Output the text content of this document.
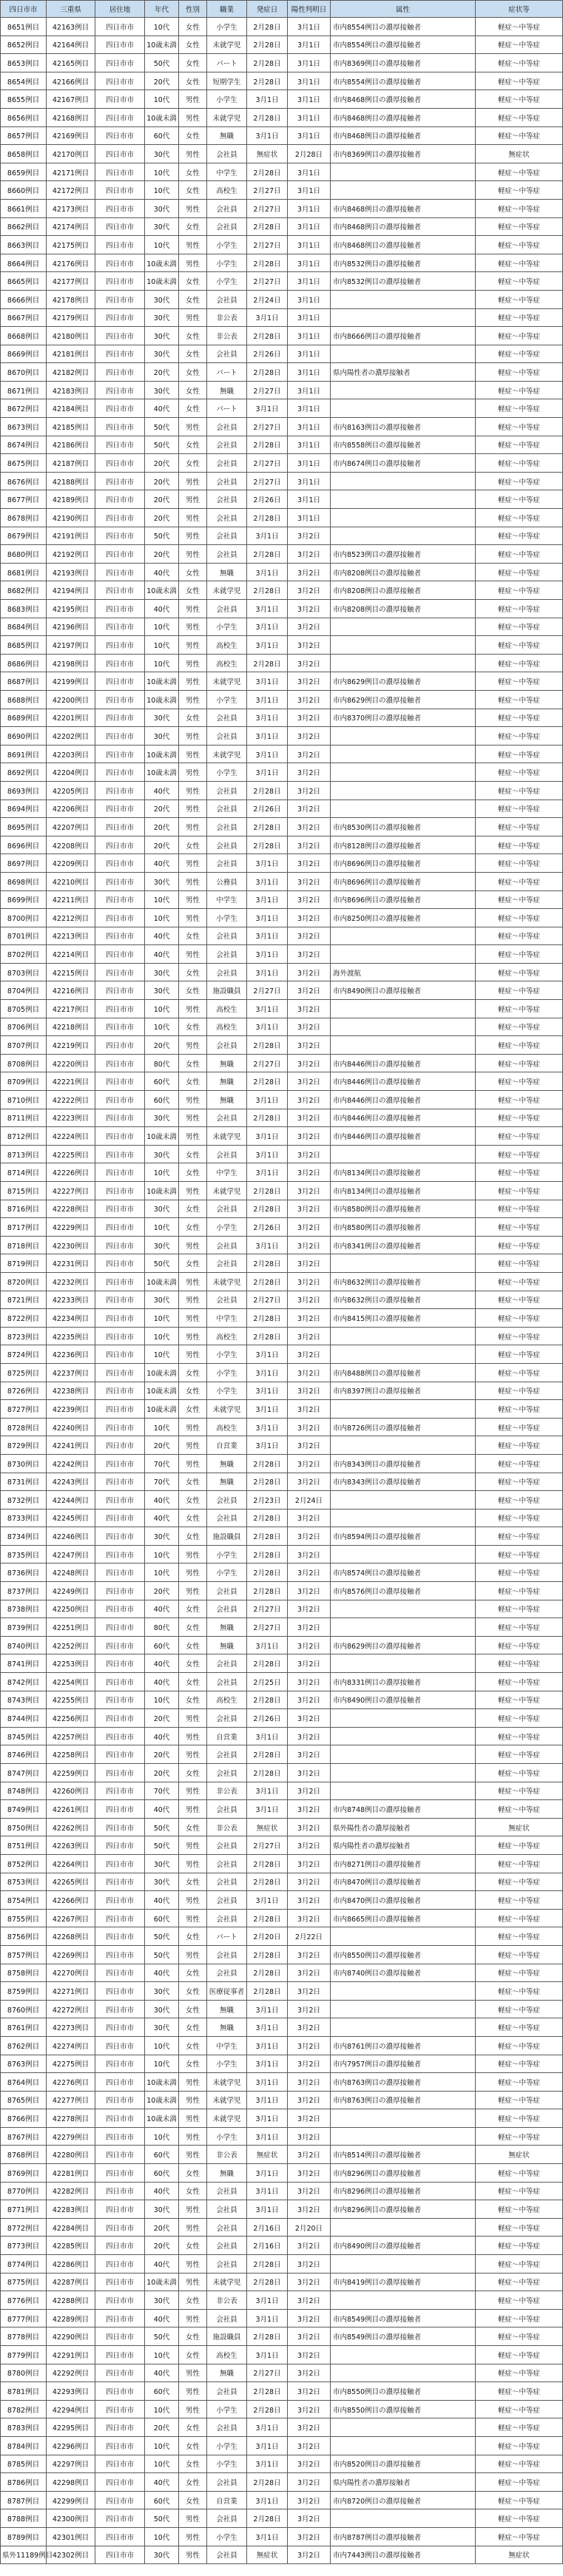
四日市市	三重県	居住地	年代	性別	職業	発症日	陽性判明日	属性	症状等
8651例目	42163例目	四日市市	10代	女性	小学生	2月28日	3月1日	市内8554例目の濃厚接触者	軽症～中等症
8652例目	42164例目	四日市市	10歳未満	女性	未就学児	2月28日	3月1日	市内8554例目の濃厚接触者	軽症～中等症
8653例目	42165例目	四日市市	50代	女性	パート	2月28日	3月1日	市内8369例目の濃厚接触者	軽症～中等症
8654例目	42166例目	四日市市	20代	女性	短期学生	2月28日	3月1日	市内8554例目の濃厚接触者	軽症～中等症
8655例目	42167例目	四日市市	10代	男性	小学生	3月1日	3月1日	市内8468例目の濃厚接触者	軽症～中等症
8656例目	42168例目	四日市市	10歳未満	男性	未就学児	2月28日	3月1日	市内8468例目の濃厚接触者	軽症～中等症
8657例目	42169例目	四日市市	60代	女性	無職	3月1日	3月1日	市内8468例目の濃厚接触者	軽症～中等症
8658例目	42170例目	四日市市	30代	男性	会社員	無症状	2月28日	市内8369例目の濃厚接触者	無症状
8659例目	42171例目	四日市市	10代	女性	中学生	2月28日	3月1日		軽症～中等症
8660例目	42172例目	四日市市	10代	女性	高校生	2月27日	3月1日		軽症～中等症
8661例目	42173例目	四日市市	30代	男性	会社員	2月27日	3月1日	市内8468例目の濃厚接触者	軽症～中等症
8662例目	42174例目	四日市市	30代	女性	会社員	2月28日	3月1日	市内8468例目の濃厚接触者	軽症～中等症
8663例目	42175例目	四日市市	10代	男性	小学生	2月27日	3月1日	市内8468例目の濃厚接触者	軽症～中等症
8664例目	42176例目	四日市市	10歳未満	男性	小学生	2月28日	3月1日	市内8532例目の濃厚接触者	軽症～中等症
8665例目	42177例目	四日市市	10歳未満	女性	小学生	2月27日	3月1日	市内8532例目の濃厚接触者	軽症～中等症
8666例目	42178例目	四日市市	30代	女性	会社員	2月24日	3月1日		軽症～中等症
8667例目	42179例目	四日市市	30代	男性	非公表	3月1日	3月1日		軽症～中等症
8668例目	42180例目	四日市市	30代	女性	非公表	2月28日	3月1日	市内8666例目の濃厚接触者	軽症～中等症
8669例目	42181例目	四日市市	30代	女性	会社員	2月26日	3月1日		軽症～中等症
8670例目	42182例目	四日市市	20代	女性	パート	2月28日	3月1日	県内陽性者の濃厚接触者	軽症～中等症
8671例目	42183例目	四日市市	30代	女性	無職	2月27日	3月1日		軽症～中等症
8672例目	42184例目	四日市市	40代	女性	パート	3月1日	3月1日		軽症～中等症
8673例目	42185例目	四日市市	50代	男性	会社員	2月27日	3月1日	市内8163例目の濃厚接触者	軽症～中等症
8674例目	42186例目	四日市市	50代	女性	会社員	2月28日	3月1日	市内8558例目の濃厚接触者	軽症～中等症
8675例目	42187例目	四日市市	20代	女性	会社員	2月27日	3月1日	市内8674例目の濃厚接触者	軽症～中等症
8676例目	42188例目	四日市市	20代	男性	会社員	2月27日	3月1日		軽症～中等症
8677例目	42189例目	四日市市	20代	男性	会社員	2月26日	3月1日		軽症～中等症
8678例目	42190例目	四日市市	20代	男性	会社員	2月28日	3月1日		軽症～中等症
8679例目	42191例目	四日市市	50代	男性	会社員	3月1日	3月2日		軽症～中等症
8680例目	42192例目	四日市市	20代	男性	会社員	2月28日	3月2日	市内8523例目の濃厚接触者	軽症～中等症
8681例目	42193例目	四日市市	40代	女性	無職	3月1日	3月2日	市内8208例目の濃厚接触者	軽症～中等症
8682例目	42194例目	四日市市	10歳未満	女性	未就学児	2月28日	3月2日	市内8208例目の濃厚接触者	軽症～中等症
8683例目	42195例目	四日市市	40代	男性	会社員	3月1日	3月2日	市内8208例目の濃厚接触者	軽症～中等症
8684例目	42196例目	四日市市	10代	男性	小学生	3月1日	3月2日		軽症～中等症
8685例目	42197例目	四日市市	10代	男性	高校生	3月1日	3月2日		軽症～中等症
8686例目	42198例目	四日市市	10代	男性	高校生	2月28日	3月2日		軽症～中等症
8687例目	42199例目	四日市市	10歳未満	男性	未就学児	3月1日	3月2日	市内8629例目の濃厚接触者	軽症～中等症
8688例目	42200例目	四日市市	10歳未満	男性	小学生	3月1日	3月2日	市内8629例目の濃厚接触者	軽症～中等症
8689例目	42201例目	四日市市	30代	女性	会社員	3月1日	3月2日	市内8370例目の濃厚接触者	軽症～中等症
8690例目	42202例目	四日市市	30代	男性	会社員	3月1日	3月2日		軽症～中等症
8691例目	42203例目	四日市市	10歳未満	男性	未就学児	3月1日	3月2日		軽症～中等症
8692例目	42204例目	四日市市	10歳未満	男性	小学生	3月1日	3月2日		軽症～中等症
8693例目	42205例目	四日市市	40代	男性	会社員	2月28日	3月2日		軽症～中等症
8694例目	42206例目	四日市市	20代	男性	会社員	2月26日	3月2日		軽症～中等症
8695例目	42207例目	四日市市	20代	男性	会社員	2月28日	3月2日	市内8530例目の濃厚接触者	軽症～中等症
8696例目	42208例目	四日市市	20代	女性	会社員	2月28日	3月2日	市内8128例目の濃厚接触者	軽症～中等症
8697例目	42209例目	四日市市	40代	男性	会社員	3月1日	3月2日	市内8696例目の濃厚接触者	軽症～中等症
8698例目	42210例目	四日市市	30代	男性	公務員	3月1日	3月2日	市内8696例目の濃厚接触者	軽症～中等症
8699例目	42211例目	四日市市	10代	男性	中学生	3月1日	3月2日	市内8696例目の濃厚接触者	軽症～中等症
8700例目	42212例目	四日市市	10代	男性	小学生	3月1日	3月2日	市内8250例目の濃厚接触者	軽症～中等症
8701例目	42213例目	四日市市	40代	女性	会社員	3月1日	3月2日		軽症～中等症
8702例目	42214例目	四日市市	40代	男性	会社員	3月1日	3月2日		軽症～中等症
8703例目	42215例目	四日市市	30代	女性	会社員	3月1日	3月2日	海外渡航	軽症～中等症
8704例目	42216例目	四日市市	30代	女性	施設職員	2月27日	3月2日	市内8490例目の濃厚接触者	軽症～中等症
8705例目	42217例目	四日市市	10代	男性	高校生	3月1日	3月2日		軽症～中等症
8706例目	42218例目	四日市市	10代	女性	高校生	3月1日	3月2日		軽症～中等症
8707例目	42219例目	四日市市	20代	男性	会社員	2月28日	3月2日		軽症～中等症
8708例目	42220例目	四日市市	80代	女性	無職	2月27日	3月2日	市内8446例目の濃厚接触者	軽症～中等症
8709例目	42221例目	四日市市	60代	女性	無職	2月28日	3月2日	市内8446例目の濃厚接触者	軽症～中等症
8710例目	42222例目	四日市市	60代	男性	無職	3月1日	3月2日	市内8446例目の濃厚接触者	軽症～中等症
8711例目	42223例目	四日市市	30代	男性	会社員	2月28日	3月2日	市内8446例目の濃厚接触者	軽症～中等症
8712例目	42224例目	四日市市	10歳未満	男性	未就学児	3月1日	3月2日	市内8446例目の濃厚接触者	軽症～中等症
8713例目	42225例目	四日市市	30代	女性	会社員	3月1日	3月2日		軽症～中等症
8714例目	42226例目	四日市市	10代	女性	中学生	3月1日	3月2日	市内8134例目の濃厚接触者	軽症～中等症
8715例目	42227例目	四日市市	10歳未満	男性	未就学児	2月28日	3月2日	市内8134例目の濃厚接触者	軽症～中等症
8716例目	42228例目	四日市市	30代	女性	会社員	2月28日	3月2日	市内8580例目の濃厚接触者	軽症～中等症
8717例目	42229例目	四日市市	10代	女性	小学生	2月26日	3月2日	市内8580例目の濃厚接触者	軽症～中等症
8718例目	42230例目	四日市市	30代	男性	会社員	3月1日	3月2日	市内8341例目の濃厚接触者	軽症～中等症
8719例目	42231例目	四日市市	50代	女性	会社員	2月28日	3月2日		軽症～中等症
8720例目	42232例目	四日市市	10歳未満	男性	未就学児	2月28日	3月2日	市内8632例目の濃厚接触者	軽症～中等症
8721例目	42233例目	四日市市	30代	男性	会社員	2月27日	3月2日	市内8632例目の濃厚接触者	軽症～中等症
8722例目	42234例目	四日市市	10代	男性	中学生	2月28日	3月2日	市内8415例目の濃厚接触者	軽症～中等症
8723例目	42235例目	四日市市	10代	男性	高校生	2月28日	3月2日		軽症～中等症
8724例目	42236例目	四日市市	10代	男性	小学生	3月1日	3月2日		軽症～中等症
8725例目	42237例目	四日市市	10歳未満	女性	小学生	3月1日	3月2日	市内8488例目の濃厚接触者	軽症～中等症
8726例目	42238例目	四日市市	10歳未満	女性	小学生	3月1日	3月2日	市内8397例目の濃厚接触者	軽症～中等症
8727例目	42239例目	四日市市	10歳未満	女性	未就学児	3月1日	3月2日		軽症～中等症
8728例目	42240例目	四日市市	10代	男性	高校生	3月1日	3月2日	市内8726例目の濃厚接触者	軽症～中等症
8729例目	42241例目	四日市市	20代	男性	自営業	3月1日	3月2日		軽症～中等症
8730例目	42242例目	四日市市	70代	男性	無職	2月28日	3月2日	市内8343例目の濃厚接触者	軽症～中等症
8731例目	42243例目	四日市市	70代	女性	無職	2月28日	3月2日	市内8343例目の濃厚接触者	軽症～中等症
8732例目	42244例目	四日市市	40代	女性	会社員	2月23日	2月24日		軽症～中等症
8733例目	42245例目	四日市市	40代	女性	会社員	2月28日	3月2日		軽症～中等症
8734例目	42246例目	四日市市	30代	女性	施設職員	2月28日	3月2日	市内8594例目の濃厚接触者	軽症～中等症
8735例目	42247例目	四日市市	10代	男性	小学生	2月28日	3月2日		軽症～中等症
8736例目	42248例目	四日市市	10代	男性	小学生	2月28日	3月2日	市内8574例目の濃厚接触者	軽症～中等症
8737例目	42249例目	四日市市	20代	男性	会社員	2月28日	3月2日	市内8576例目の濃厚接触者	軽症～中等症
8738例目	42250例目	四日市市	40代	女性	会社員	2月27日	3月2日		軽症～中等症
8739例目	42251例目	四日市市	80代	女性	無職	2月27日	3月2日		軽症～中等症
8740例目	42252例目	四日市市	60代	女性	無職	3月1日	3月2日	市内8629例目の濃厚接触者	軽症～中等症
8741例目	42253例目	四日市市	40代	女性	会社員	2月28日	3月2日		軽症～中等症
8742例目	42254例目	四日市市	40代	女性	会社員	2月25日	3月2日	市内8331例目の濃厚接触者	軽症～中等症
8743例目	42255例目	四日市市	10代	女性	高校生	2月28日	3月2日	市内8490例目の濃厚接触者	軽症～中等症
8744例目	42256例目	四日市市	20代	男性	会社員	2月26日	3月2日		軽症～中等症
8745例目	42257例目	四日市市	40代	男性	自営業	3月1日	3月2日		軽症～中等症
8746例目	42258例目	四日市市	20代	男性	会社員	2月28日	3月2日		軽症～中等症
8747例目	42259例目	四日市市	20代	女性	会社員	2月28日	3月2日		軽症～中等症
8748例目	42260例目	四日市市	70代	男性	非公表	3月1日	3月2日		軽症～中等症
8749例目	42261例目	四日市市	40代	男性	会社員	3月1日	3月2日	市内8748例目の濃厚接触者	軽症～中等症
8750例目	42262例目	四日市市	50代	女性	非公表	無症状	3月2日	県外陽性者の濃厚接触者	無症状
8751例目	42263例目	四日市市	50代	男性	会社員	2月27日	3月2日	県内陽性者の濃厚接触者	軽症～中等症
8752例目	42264例目	四日市市	30代	男性	会社員	2月28日	3月2日	市内8271例目の濃厚接触者	軽症～中等症
8753例目	42265例目	四日市市	30代	女性	会社員	2月28日	3月2日	市内8470例目の濃厚接触者	軽症～中等症
8754例目	42266例目	四日市市	40代	男性	会社員	3月1日	3月2日	市内8470例目の濃厚接触者	軽症～中等症
8755例目	42267例目	四日市市	60代	男性	会社員	2月28日	3月2日	市内8665例目の濃厚接触者	軽症～中等症
8756例目	42268例目	四日市市	50代	女性	パート	2月20日	2月22日		軽症～中等症
8757例目	42269例目	四日市市	50代	男性	会社員	2月28日	3月2日	市内8550例目の濃厚接触者	軽症～中等症
8758例目	42270例目	四日市市	40代	女性	会社員	2月28日	3月2日	市内8740例目の濃厚接触者	軽症～中等症
8759例目	42271例目	四日市市	30代	女性	医療従事者	2月28日	3月2日		軽症～中等症
8760例目	42272例目	四日市市	30代	女性	無職	3月1日	3月2日		軽症～中等症
8761例目	42273例目	四日市市	30代	女性	無職	3月1日	3月2日		軽症～中等症
8762例目	42274例目	四日市市	10代	女性	中学生	3月1日	3月2日	市内8761例目の濃厚接触者	軽症～中等症
8763例目	42275例目	四日市市	10代	女性	小学生	3月1日	3月2日	市内7957例目の濃厚接触者	軽症～中等症
8764例目	42276例目	四日市市	10歳未満	男性	未就学児	3月1日	3月2日	市内8763例目の濃厚接触者	軽症～中等症
8765例目	42277例目	四日市市	10歳未満	男性	未就学児	3月1日	3月2日	市内8763例目の濃厚接触者	軽症～中等症
8766例目	42278例目	四日市市	10歳未満	男性	未就学児	3月1日	3月2日		軽症～中等症
8767例目	42279例目	四日市市	10代	男性	小学生	3月1日	3月2日		軽症～中等症
8768例目	42280例目	四日市市	60代	男性	非公表	無症状	3月2日	市内8514例目の濃厚接触者	無症状
8769例目	42281例目	四日市市	60代	女性	無職	3月1日	3月2日	市内8296例目の濃厚接触者	軽症～中等症
8770例目	42282例目	四日市市	40代	女性	会社員	3月1日	3月2日	市内8296例目の濃厚接触者	軽症～中等症
8771例目	42283例目	四日市市	30代	男性	会社員	3月1日	3月2日	市内8296例目の濃厚接触者	軽症～中等症
8772例目	42284例目	四日市市	20代	男性	会社員	2月16日	2月20日		軽症～中等症
8773例目	42285例目	四日市市	20代	女性	会社員	2月16日	3月2日	市内8490例目の濃厚接触者	軽症～中等症
8774例目	42286例目	四日市市	40代	男性	会社員	2月28日	3月2日		軽症～中等症
8775例目	42287例目	四日市市	10歳未満	男性	未就学児	2月28日	3月2日	市内8419例目の濃厚接触者	軽症～中等症
8776例目	42288例目	四日市市	30代	女性	非公表	3月1日	3月2日		軽症～中等症
8777例目	42289例目	四日市市	40代	男性	会社員	3月1日	3月2日	市内8549例目の濃厚接触者	軽症～中等症
8778例目	42290例目	四日市市	50代	女性	施設職員	2月28日	3月2日	市内8549例目の濃厚接触者	軽症～中等症
8779例目	42291例目	四日市市	10代	女性	高校生	3月1日	3月2日		軽症～中等症
8780例目	42292例目	四日市市	40代	男性	無職	2月27日	3月2日		軽症～中等症
8781例目	42293例目	四日市市	60代	男性	会社員	2月28日	3月2日	市内8550例目の濃厚接触者	軽症～中等症
8782例目	42294例目	四日市市	10代	男性	小学生	2月28日	3月2日	市内8550例目の濃厚接触者	軽症～中等症
8783例目	42295例目	四日市市	20代	女性	会社員	3月1日	3月2日		軽症～中等症
8784例目	42296例目	四日市市	10代	女性	小学生	3月1日	3月2日		軽症～中等症
8785例目	42297例目	四日市市	10代	女性	小学生	3月1日	3月2日	市内8520例目の濃厚接触者	軽症～中等症
8786例目	42298例目	四日市市	40代	女性	会社員	2月28日	3月2日	県内陽性者の濃厚接触者	軽症～中等症
8787例目	42299例目	四日市市	60代	女性	自営業	3月1日	3月2日	市内8720例目の濃厚接触者	軽症～中等症
8788例目	42300例目	四日市市	50代	男性	会社員	2月28日	3月2日		軽症～中等症
8789例目	42301例目	四日市市	10代	男性	小学生	3月1日	3月2日	市内8787例目の濃厚接触者	軽症～中等症
県外11189例目	42302例目	四日市市	30代	男性	会社員	無症状	3月2日	市内7443例目の濃厚接触者	無症状
